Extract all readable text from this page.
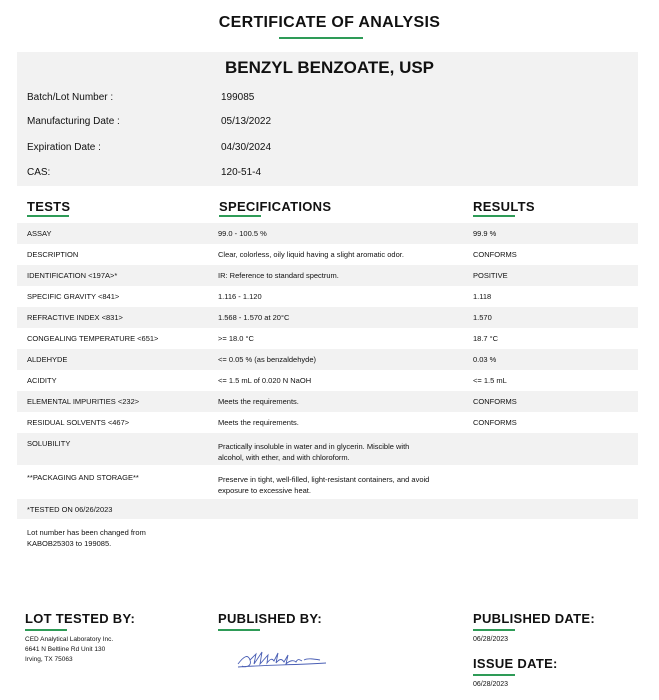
CERTIFICATE OF ANALYSIS
BENZYL BENZOATE, USP
Batch/Lot Number :	199085
Manufacturing Date :	05/13/2022
Expiration Date :	04/30/2024
CAS:	120-51-4
TESTS	SPECIFICATIONS	RESULTS
ASSAY	99.0 - 100.5 %	99.9 %
DESCRIPTION	Clear, colorless, oily liquid having a slight aromatic odor.	CONFORMS
IDENTIFICATION <197A>*	IR: Reference to standard spectrum.	POSITIVE
SPECIFIC GRAVITY <841>	1.116 - 1.120	1.118
REFRACTIVE INDEX <831>	1.568 - 1.570 at 20°C	1.570
CONGEALING TEMPERATURE <651>	>= 18.0 °C	18.7 °C
ALDEHYDE	<= 0.05 % (as benzaldehyde)	0.03 %
ACIDITY	<= 1.5 mL of 0.020 N NaOH	<= 1.5 mL
ELEMENTAL IMPURITIES <232>	Meets the requirements.	CONFORMS
RESIDUAL SOLVENTS <467>	Meets the requirements.	CONFORMS
SOLUBILITY	Practically insoluble in water and in glycerin. Miscible with alcohol, with ether, and with chloroform.
**PACKAGING AND STORAGE**	Preserve in tight, well-filled, light-resistant containers, and avoid exposure to excessive heat.
*TESTED ON 06/26/2023
Lot number has been changed from KABOB25303 to 199085.
LOT TESTED BY:
CED Analytical Laboratory Inc.
6641 N Beltline Rd Unit 130
Irving, TX 75063
PUBLISHED BY:	PUBLISHED DATE:
06/28/2023
ISSUE DATE:
06/28/2023
